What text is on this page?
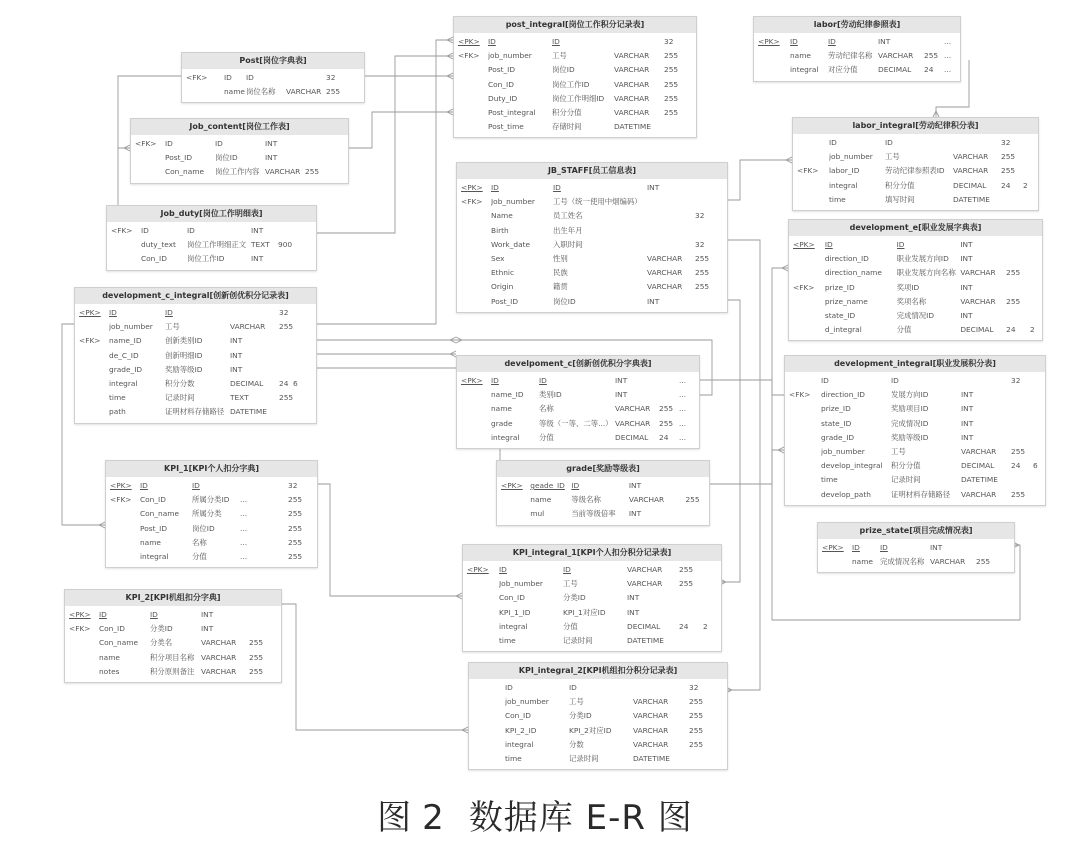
Post[岗位字典表]
<FK>	ID	ID	32
name 岗位名称	VARCHAR 255
Job_content[岗位工作表]
<FK>	ID	ID	INT
Post_ID	岗位ID	INT
Con_name	岗位工作内容 VARCHAR 255
Job_duty[岗位工作明细表]
<FK>	ID	ID	INT
duty_text	岗位工作明细正文 TEXT	900
Con_ID	岗位工作ID	INT
development_c_integral[创新创优积分记录表]
<PK>	ID	ID	32
job_number	工号	VARCHAR	255
<FK>	name_ID	创新类别ID	INT
de_C_ID	创新明细ID	INT
grade_ID	奖励等级ID	INT
integral	积分分数	DECIMAL	24 6
time	记录时间	TEXT	255
path	证明材料存储路径 DATETIME
KPI_1[KPI个人扣分字典]
<PK>	ID	ID	32
<FK>	Con_ID	所属分类ID	...	255
Con_name	所属分类	...	255
Post_ID	岗位ID	...	255
name	名称	...	255
integral	分值	...	255
KPI_2[KPI机组扣分字典]
<PK>	ID	ID	INT
<FK>	Con_ID	分类ID	INT
Con_name	分类名	VARCHAR	255
name	积分项目名称 VARCHAR	255
notes	积分原则备注 VARCHAR	255
post_integral[岗位工作积分记录表]
<PK>	ID	ID	32
<FK>	job_number	工号	VARCHAR	255
Post_ID	岗位ID	VARCHAR	255
Con_ID	岗位工作ID	VARCHAR	255
Duty_ID	岗位工作明细ID	VARCHAR	255
Post_integral	积分分值	VARCHAR	255
Post_time	存储时间	DATETIME
JB_STAFF[员工信息表]
<PK>	ID	ID	INT
<FK>	Job_number	工号（统一使用中烟编码）
Name	员工姓名	32
Birth	出生年月
Work_date	入职时间	32
Sex	性别	VARCHAR	255
Ethnic	民族	VARCHAR	255
Origin	籍贯	VARCHAR	255
Post_ID	岗位ID	INT
develpoment_c[创新创优积分字典表]
<PK>	ID	ID	INT	...
name_ID	类别ID	INT	...
name	名称	VARCHAR	255 ...
grade	等级（一等、二等...） VARCHAR	255 ...
integral	分值	DECIMAL	24	...
grade[奖励等级表]
<PK>	geade_ID ID	INT
name	等级名称	VARCHAR	255
mul	当前等级倍率	INT
KPI_integral_1[KPI个人扣分积分记录表]
<PK>	ID	ID	VARCHAR	255
Job_number	工号	VARCHAR	255
Con_ID	分类ID	INT
KPI_1_ID	KPI_1对应ID	INT
integral	分值	DECIMAL	24	2
time	记录时间	DATETIME
KPI_integral_2[KPI机组扣分积分记录表]
ID	ID	32
job_number	工号	VARCHAR	255
Con_ID	分类ID	VARCHAR	255
KPI_2_ID	KPI_2对应ID	VARCHAR	255
integral	分数	VARCHAR	255
time	记录时间	DATETIME
labor[劳动纪律参照表]
<PK>	ID	ID	INT	...
name	劳动纪律名称 VARCHAR	255 ...
integral	对应分值	DECIMAL	24	...
labor_integral[劳动纪律积分表]
ID	ID	32
job_number	工号	VARCHAR	255
<FK>	labor_ID	劳动纪律参照表ID	VARCHAR	255
integral	积分分值	DECIMAL	24	2
time	填写时间	DATETIME
development_e[职业发展字典表]
<PK>	ID	ID	INT
direction_ID	职业发展方向ID	INT
direction_name	职业发展方向名称 VARCHAR	255
<FK>	prize_ID	奖项ID	INT
prize_name	奖项名称	VARCHAR	255
state_ID	完成情况ID	INT
d_integral	分值	DECIMAL	24	2
development_integral[职业发展积分表]
ID	ID	32
<FK>	direction_ID	发展方向ID	INT
prize_ID	奖励项目ID	INT
state_ID	完成情况ID	INT
grade_ID	奖励等级ID	INT
job_number	工号	VARCHAR	255
develop_integral	积分分值	DECIMAL	24	6
time	记录时间	DATETIME
develop_path	证明材料存储路径	VARCHAR	255
prize_state[项目完成情况表]
<PK>	ID	ID	INT
name 完成情况名称 VARCHAR	255
图 2 数据库 E-R 图
